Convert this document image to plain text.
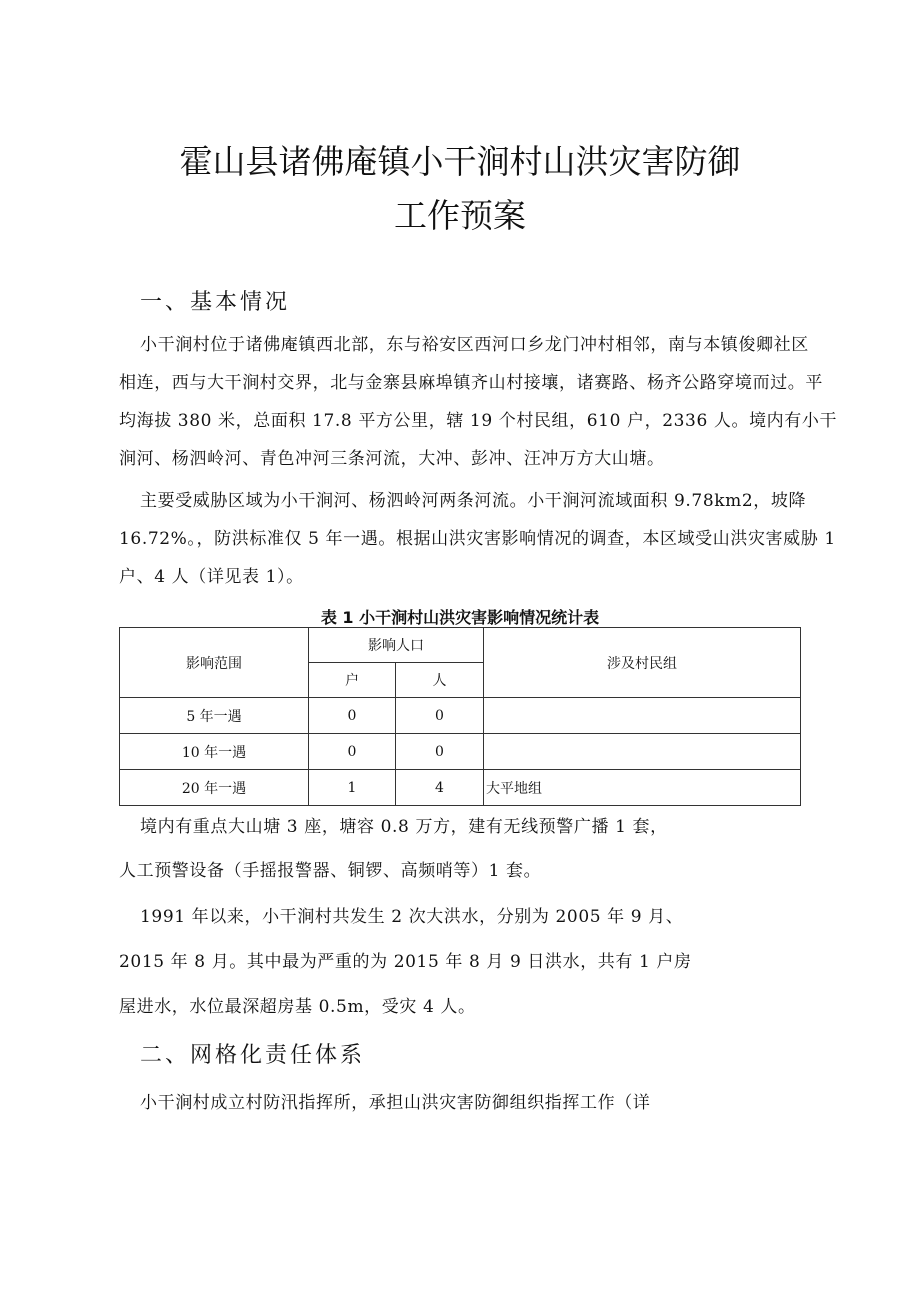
霍山县诸佛庵镇小干涧村山洪灾害防御
工作预案
一、基本情况
小干涧村位于诸佛庵镇西北部，东与裕安区西河口乡龙门冲村相邻，南与本镇俊卿社区
相连，西与大干涧村交界，北与金寨县麻埠镇齐山村接壤，诸赛路、杨齐公路穿境而过。平
均海拔 380 米，总面积 17.8 平方公里，辖 19 个村民组，610 户，2336 人。境内有小干
涧河、杨泗岭河、青色冲河三条河流，大冲、彭冲、汪冲万方大山塘。
主要受威胁区域为小干涧河、杨泗岭河两条河流。小干涧河流域面积 9.78km2，坡降
16.72%。，防洪标准仅 5 年一遇。根据山洪灾害影响情况的调查，本区域受山洪灾害威胁 1
户、4 人（详见表 1）。
表 1 小干涧村山洪灾害影响情况统计表
影响范围	影响人口		涉及村民组
	户	人	
5 年一遇	0	0	
10 年一遇	0	0	
20 年一遇	1	4	大平地组
境内有重点大山塘 3 座，塘容 0.8 万方，建有无线预警广播 1 套，
人工预警设备（手摇报警器、铜锣、高频哨等）1 套。
1991 年以来，小干涧村共发生 2 次大洪水，分别为 2005 年 9 月、
2015 年 8 月。其中最为严重的为 2015 年 8 月 9 日洪水，共有 1 户房
屋进水，水位最深超房基 0.5m，受灾 4 人。
二、网格化责任体系
小干涧村成立村防汛指挥所，承担山洪灾害防御组织指挥工作（详
